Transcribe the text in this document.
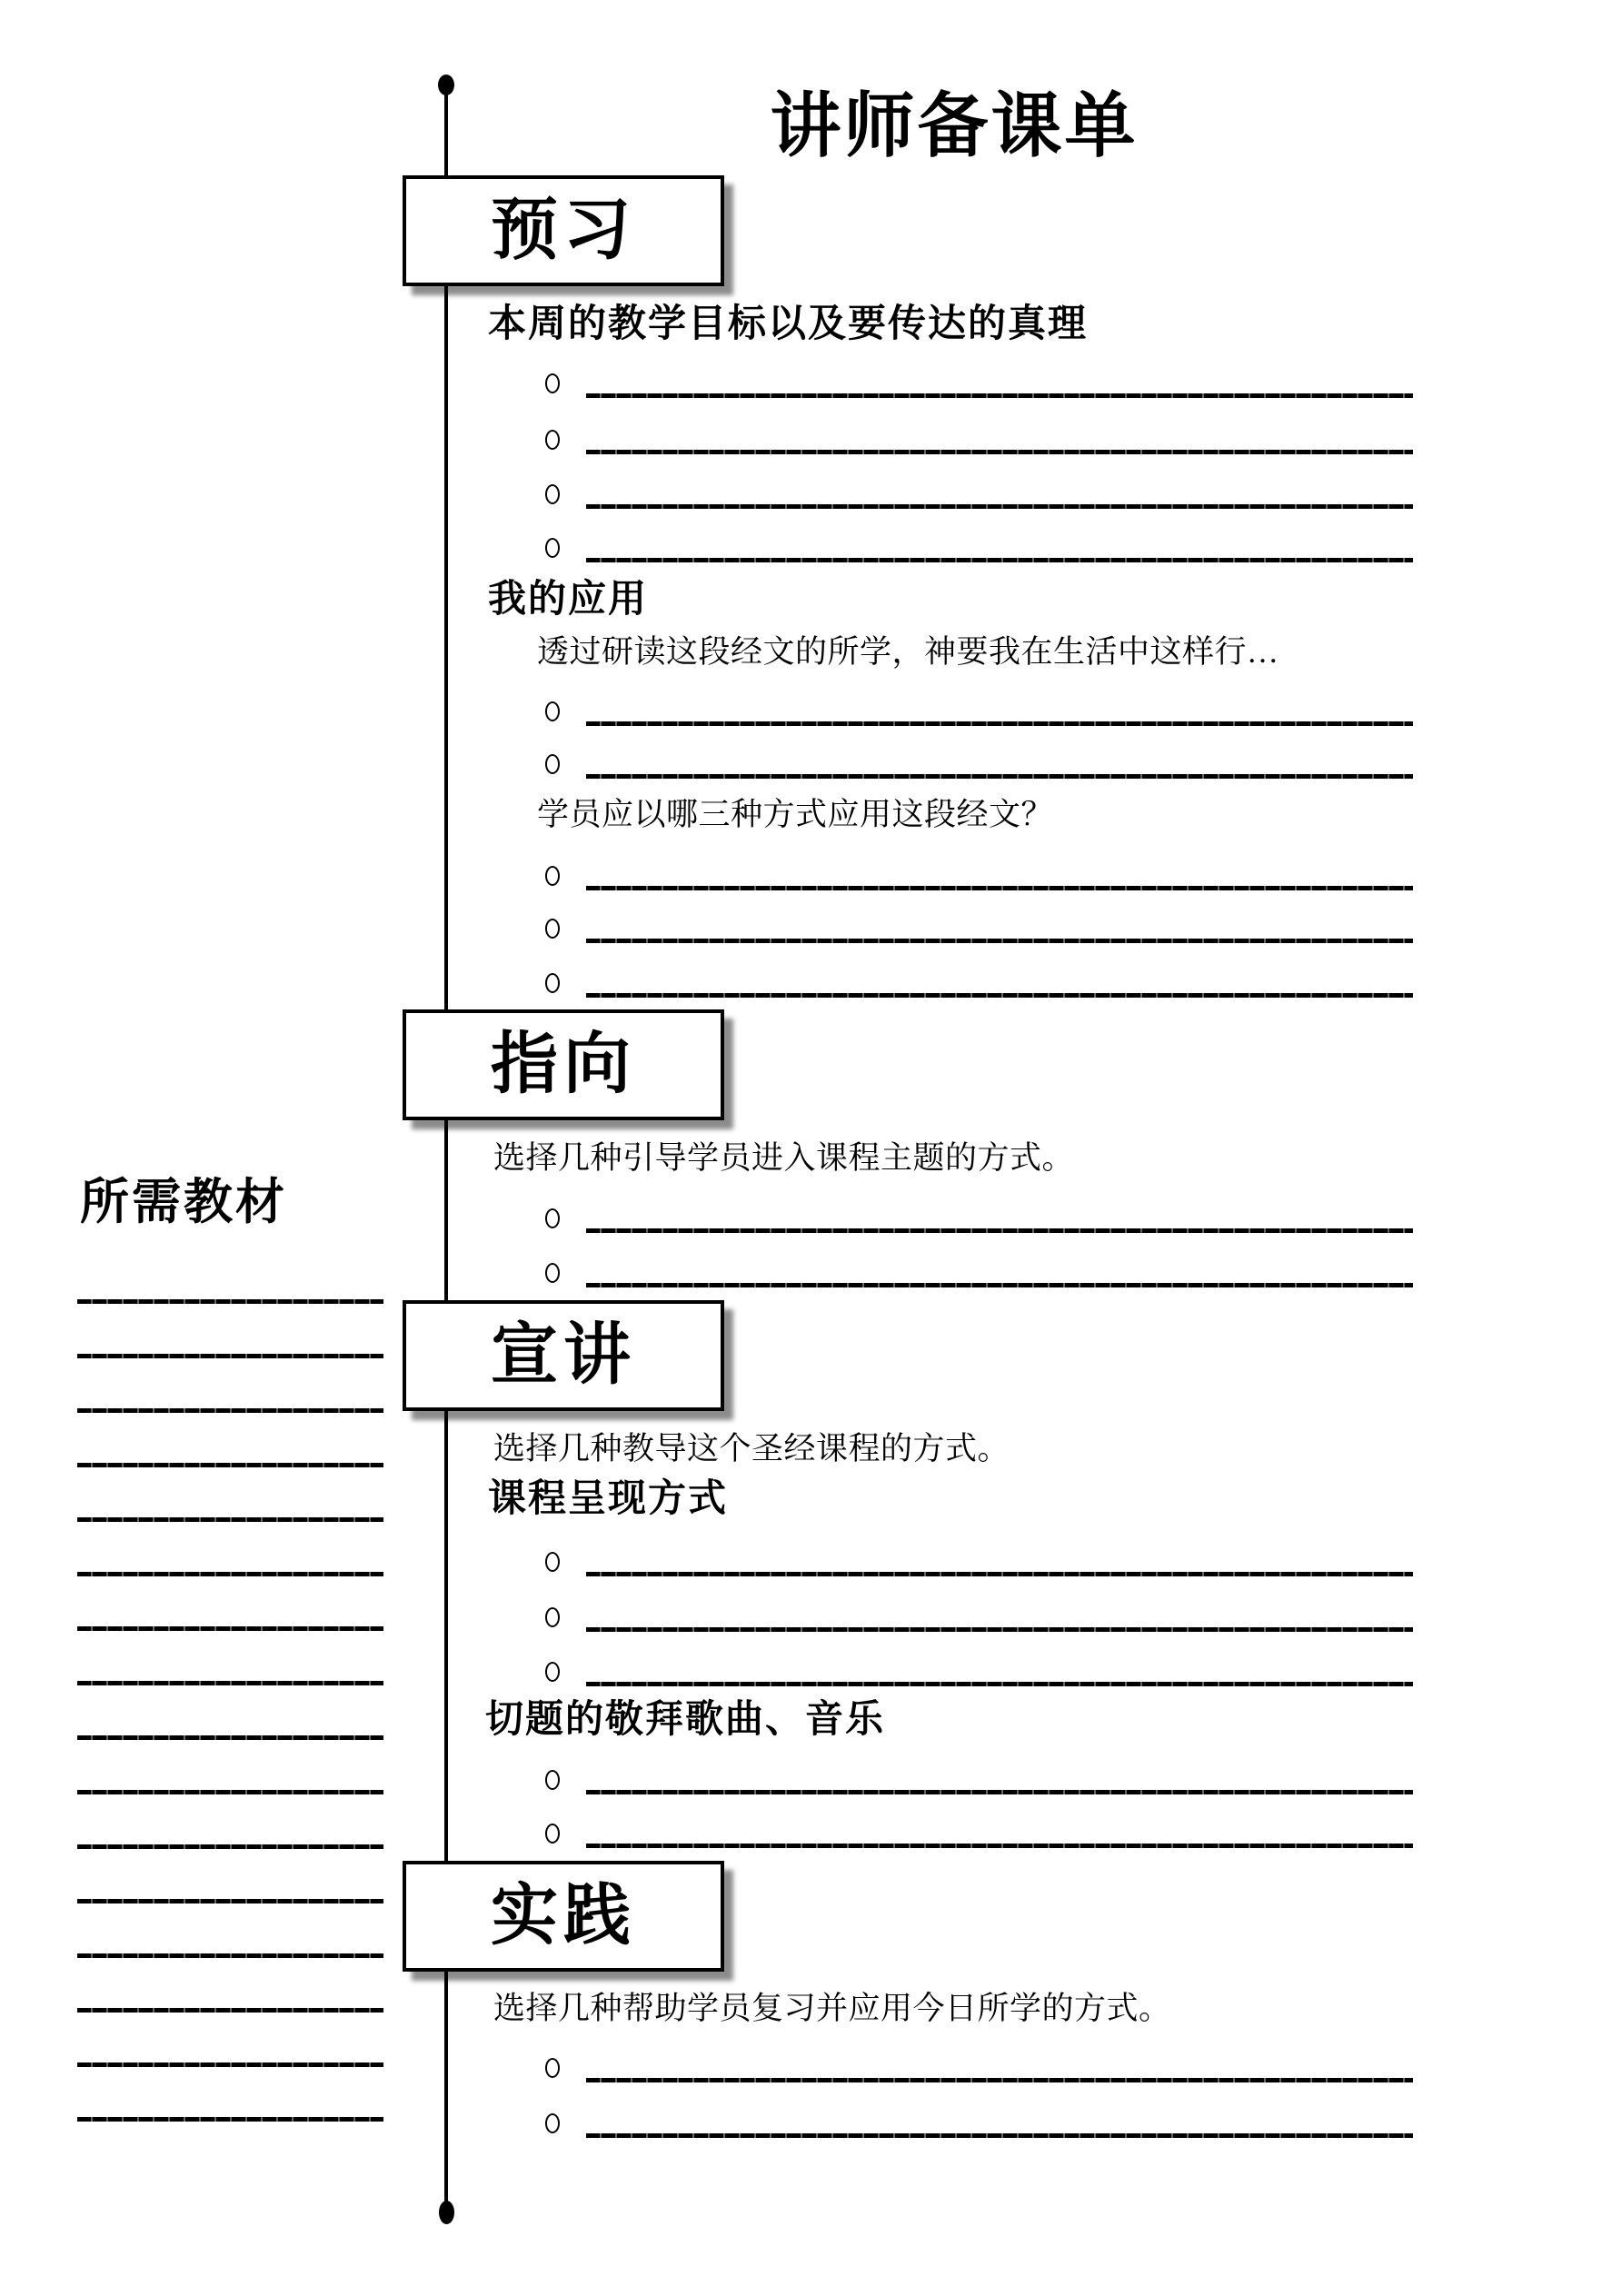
讲师备课单
预习
指向
宣讲
实践
本周的教学目标以及要传达的真理
我的应用
透过研读这段经文的所学，神要我在生活中这样行…
学员应以哪三种方式应用这段经文？
选择几种引导学员进入课程主题的方式。
选择几种教导这个圣经课程的方式。
课程呈现方式
切题的敬拜歌曲、音乐
选择几种帮助学员复习并应用今日所学的方式。
所需教材
